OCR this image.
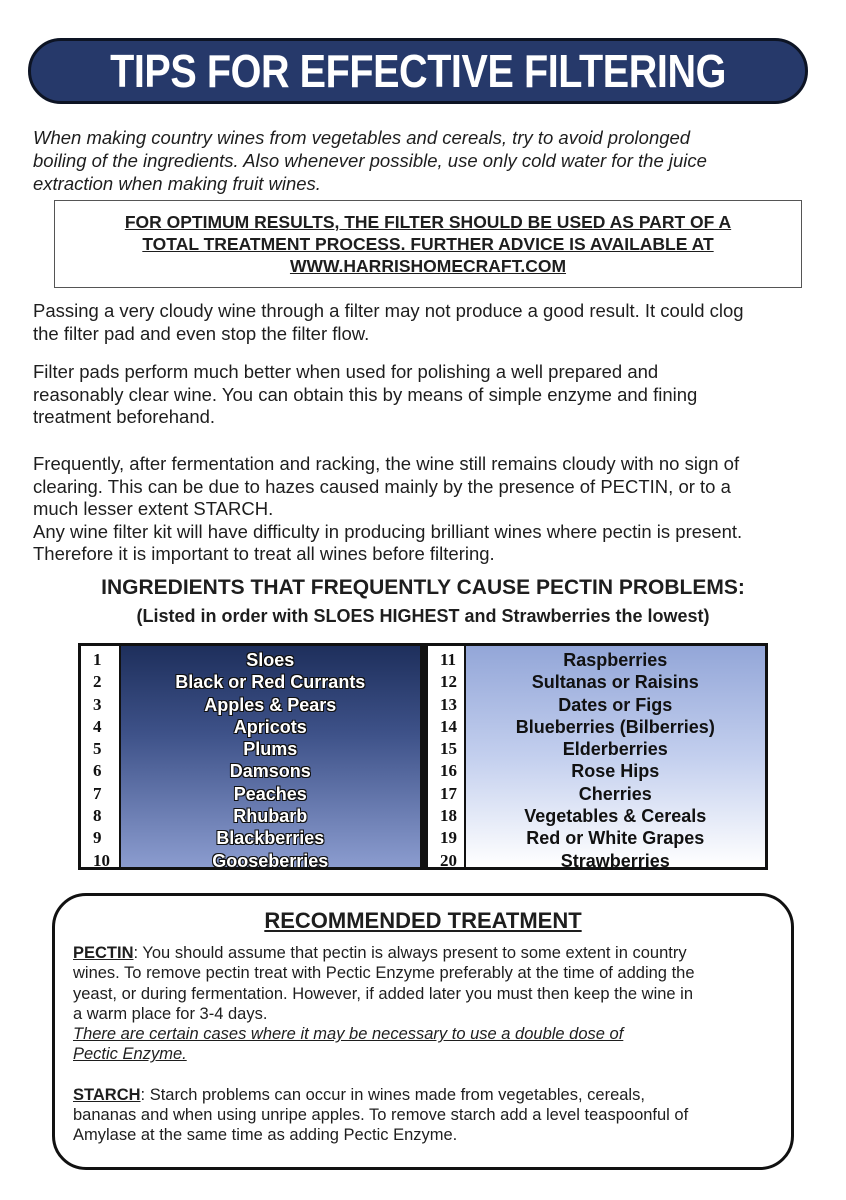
TIPS FOR EFFECTIVE FILTERING

When making country wines from vegetables and cereals, try to avoid prolonged
boiling of the ingredients. Also whenever possible, use only cold water for the juice
extraction when making fruit wines.

FOR OPTIMUM RESULTS, THE FILTER SHOULD BE USED AS PART OF A
TOTAL TREATMENT PROCESS. FURTHER ADVICE IS AVAILABLE AT
WWW.HARRISHOMECRAFT.COM

Passing a very cloudy wine through a filter may not produce a good result. It could clog
the filter pad and even stop the filter flow.

Filter pads perform much better when used for polishing a well prepared and
reasonably clear wine. You can obtain this by means of simple enzyme and fining
treatment beforehand.

Frequently, after fermentation and racking, the wine still remains cloudy with no sign of
clearing. This can be due to hazes caused mainly by the presence of PECTIN, or to a
much lesser extent STARCH.
Any wine filter kit will have difficulty in producing brilliant wines where pectin is present.
Therefore it is important to treat all wines before filtering.

INGREDIENTS THAT FREQUENTLY CAUSE PECTIN PROBLEMS:

(Listed in order with SLOES HIGHEST and Strawberries the lowest)

1
2
3
4
5
6
7
8
9
10
Sloes
Black or Red Currants
Apples & Pears
Apricots
Plums
Damsons
Peaches
Rhubarb
Blackberries
Gooseberries
11
12
13
14
15
16
17
18
19
20
Raspberries
Sultanas or Raisins
Dates or Figs
Blueberries (Bilberries)
Elderberries
Rose Hips
Cherries
Vegetables & Cereals
Red or White Grapes
Strawberries
RECOMMENDED TREATMENT
PECTIN: You should assume that pectin is always present to some extent in country
wines. To remove pectin treat with Pectic Enzyme preferably at the time of adding the
yeast, or during fermentation. However, if added later you must then keep the wine in
a warm place for 3-4 days.
There are certain cases where it may be necessary to use a double dose of
Pectic Enzyme.
STARCH: Starch problems can occur in wines made from vegetables, cereals,
bananas and when using unripe apples. To remove starch add a level teaspoonful of
Amylase at the same time as adding Pectic Enzyme.
